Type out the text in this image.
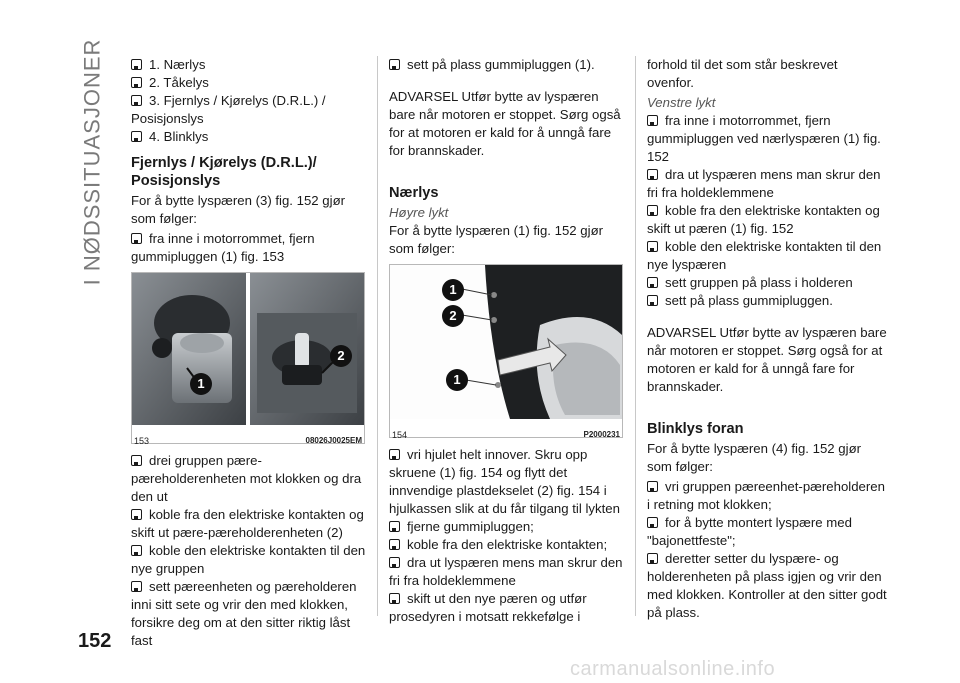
I NØDSSITUASJONER	1. Nærlys
2. Tåkelys
3. Fjernlys / Kjørelys (D.R.L.) / Posisjonslys
4. Blinklys
Fjernlys / Kjørelys (D.R.L.)/ Posisjonslys

For å bytte lyspæren (3) fig. 152 gjør som følger:

fra inne i motorrommet, fjern gummipluggen (1) fig. 153
1
2
153	08026J0025EM
drei gruppen pære-pæreholderenheten mot klokken og dra den ut
koble fra den elektriske kontakten og skift ut pære-pæreholderenheten (2)
koble den elektriske kontakten til den nye gruppen
sett pæreenheten og pæreholderen inni sitt sete og vrir den med klokken, forsikre deg om at den sitter riktig låst fast
sett på plass gummipluggen (1).

ADVARSEL Utfør bytte av lyspæren bare når motoren er stoppet. Sørg også for at motoren er kald for å unngå fare for brannskader.

Nærlys

Høyre lykt

For å bytte lyspæren (1) fig. 152 gjør som følger:

1
2
1
154	P2000231
vri hjulet helt innover. Skru opp skruene (1) fig. 154 og flytt det innvendige plastdekselet (2) fig. 154 i hjulkassen slik at du får tilgang til lykten
fjerne gummipluggen;
koble fra den elektriske kontakten;
dra ut lyspæren mens man skrur den fri fra holdeklemmene
skift ut den nye pæren og utfør prosedyren i motsatt rekkefølge i

forhold til det som står beskrevet ovenfor.

Venstre lykt

fra inne i motorrommet, fjern gummipluggen ved nærlyspæren (1) fig. 152
dra ut lyspæren mens man skrur den fri fra holdeklemmene
koble fra den elektriske kontakten og skift ut pæren (1) fig. 152
koble den elektriske kontakten til den nye lyspæren
sett gruppen på plass i holderen
sett på plass gummipluggen.

ADVARSEL Utfør bytte av lyspæren bare når motoren er stoppet. Sørg også for at motoren er kald for å unngå fare for brannskader.

Blinklys foran

For å bytte lyspæren (4) fig. 152 gjør som følger:

vri gruppen pæreenhet-pæreholderen i retning mot klokken;
for å bytte montert lyspære med "bajonettfeste";
deretter setter du lyspære- og holderenheten på plass igjen og vrir den med klokken. Kontroller at den sitter godt på plass.
152
carmanualsonline.info
